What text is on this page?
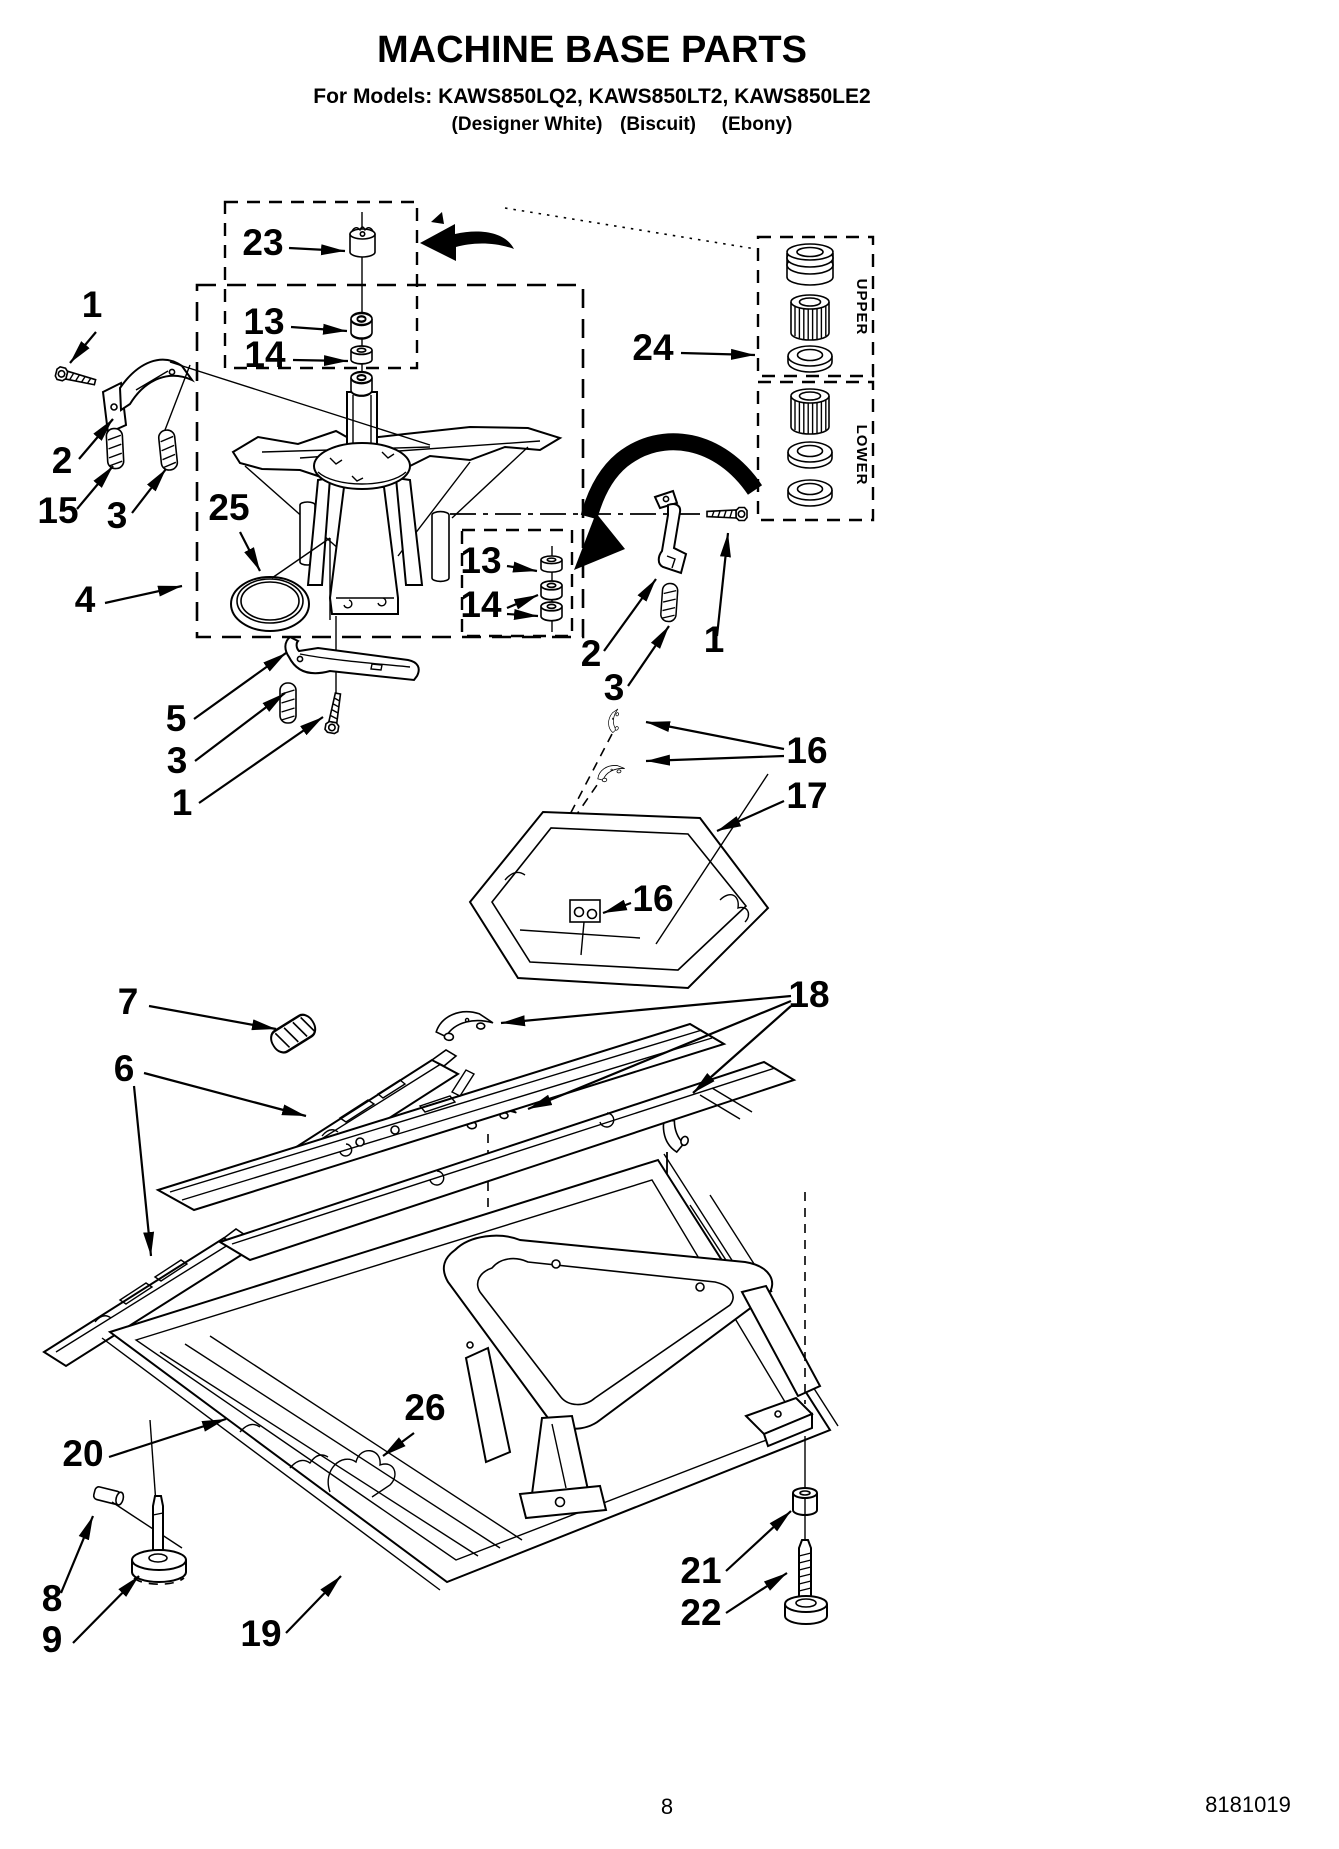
MACHINE BASE PARTS
For Models: KAWS850LQ2, KAWS850LT2, KAWS850LE2
(Designer White) (Biscuit) (Ebony)
UPPER
LOWER
1
2
15 3 25
4
23
13
14	24
13
14
2
3
1
5
3
1
16
17
16
7
6
18
20
26
8
9	19
21
22
8	8181019
